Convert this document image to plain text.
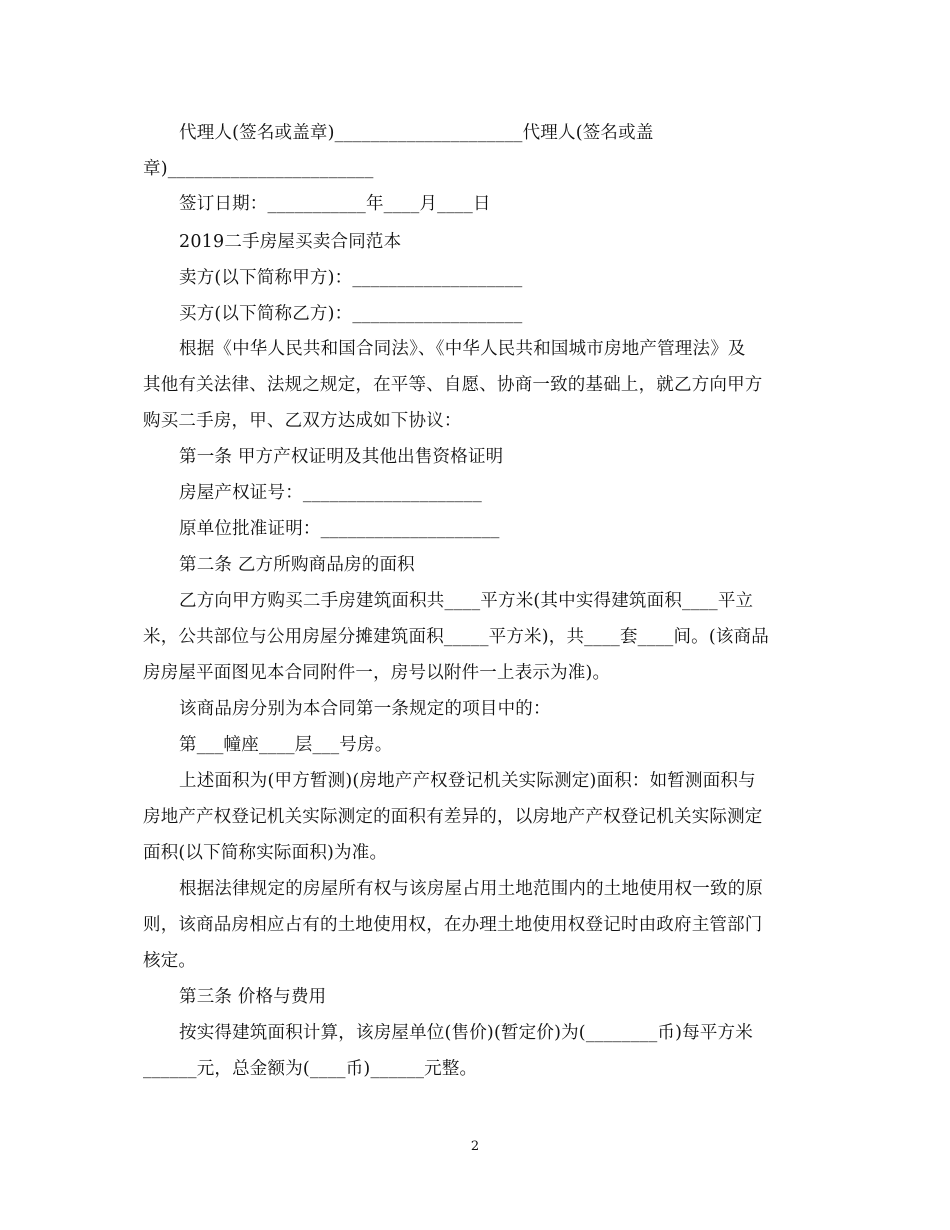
代理人(签名或盖章)_____________________代理人(签名或盖
章)_______________________
签订日期：___________年____月____日
2019二手房屋买卖合同范本
卖方(以下简称甲方)：___________________
买方(以下简称乙方)：___________________
根据《中华人民共和国合同法》、《中华人民共和国城市房地产管理法》及
其他有关法律、法规之规定，在平等、自愿、协商一致的基础上，就乙方向甲方
购买二手房，甲、乙双方达成如下协议：
第一条 甲方产权证明及其他出售资格证明
房屋产权证号：____________________
原单位批准证明：____________________
第二条 乙方所购商品房的面积
乙方向甲方购买二手房建筑面积共____平方米(其中实得建筑面积____平立
米，公共部位与公用房屋分摊建筑面积_____平方米)，共____套____间。(该商品
房房屋平面图见本合同附件一，房号以附件一上表示为准)。
该商品房分别为本合同第一条规定的项目中的：
第___幢座____层___号房。
上述面积为(甲方暂测)(房地产产权登记机关实际测定)面积：如暂测面积与
房地产产权登记机关实际测定的面积有差异的，以房地产产权登记机关实际测定
面积(以下简称实际面积)为准。
根据法律规定的房屋所有权与该房屋占用土地范围内的土地使用权一致的原
则，该商品房相应占有的土地使用权，在办理土地使用权登记时由政府主管部门
核定。
第三条 价格与费用
按实得建筑面积计算，该房屋单位(售价)(暂定价)为(________币)每平方米
______元，总金额为(____币)______元整。
2
